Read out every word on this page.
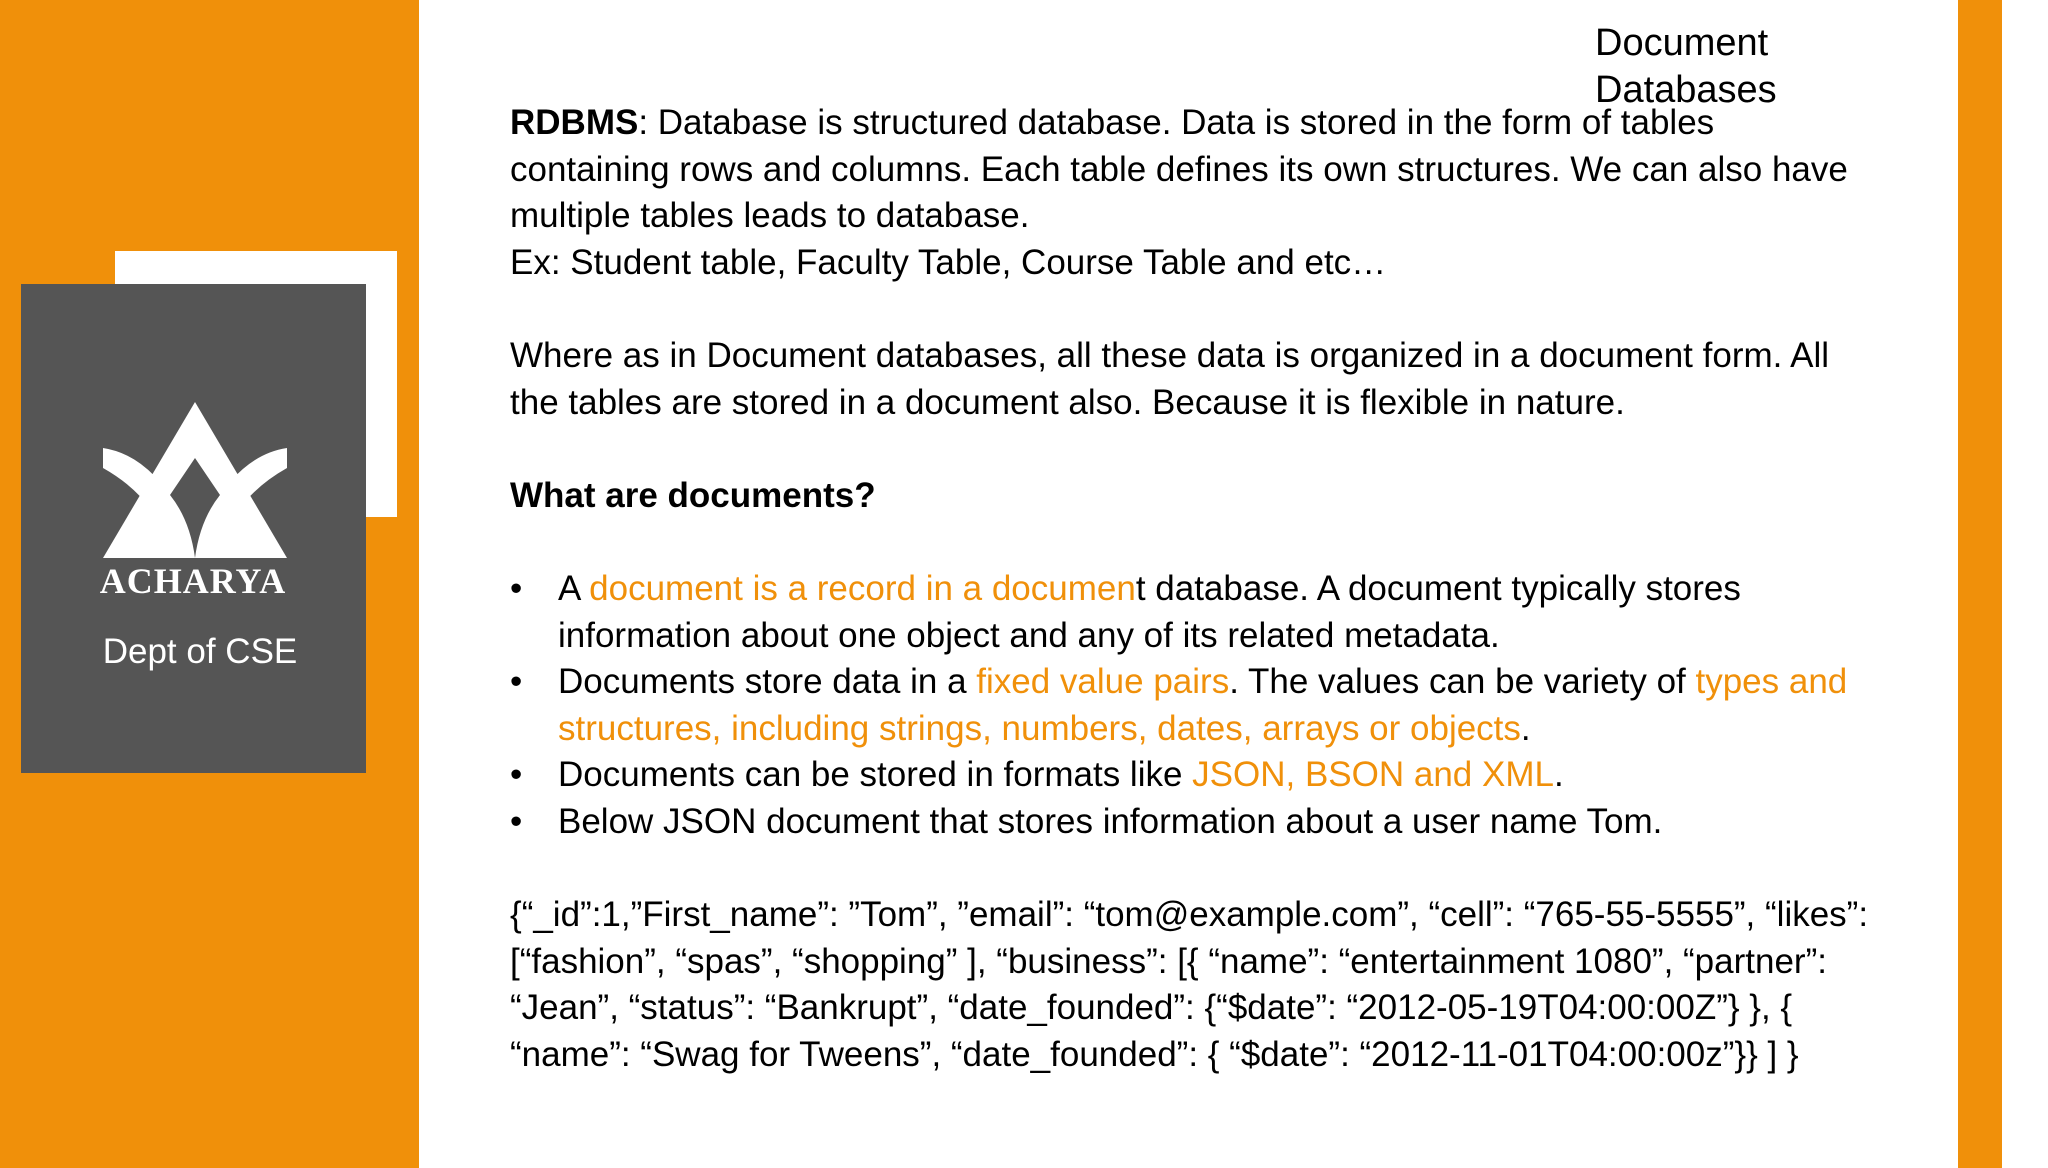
ACHARYA
Dept of CSE
Document Databases

RDBMS: Database is structured database. Data is stored in the form of tables containing rows and columns. Each table defines its own structures. We can also have multiple tables leads to database.

Ex: Student table, Faculty Table, Course Table and etc…

Where as in Document databases, all these data is organized in a document form. All the tables are stored in a document also. Because it is flexible in nature.

What are documents?

• A document is a record in a document database. A document typically stores information about one object and any of its related metadata.
• Documents store data in a fixed value pairs. The values can be variety of types and structures, including strings, numbers, dates, arrays or objects.
• Documents can be stored in formats like JSON, BSON and XML.
• Below JSON document that stores information about a user name Tom.

{“_id”:1,”First_name”: ”Tom”, ”email”: “tom@example.com”, “cell”: “765-55-5555”, “likes”: [“fashion”, “spas”, “shopping” ], “business”: [{ “name”: “entertainment 1080”, “partner”: “Jean”, “status”: “Bankrupt”, “date_founded”: {“$date”: “2012-05-19T04:00:00Z”} }, { “name”: “Swag for Tweens”, “date_founded”: { “$date”: “2012-11-01T04:00:00z”}} ] }
